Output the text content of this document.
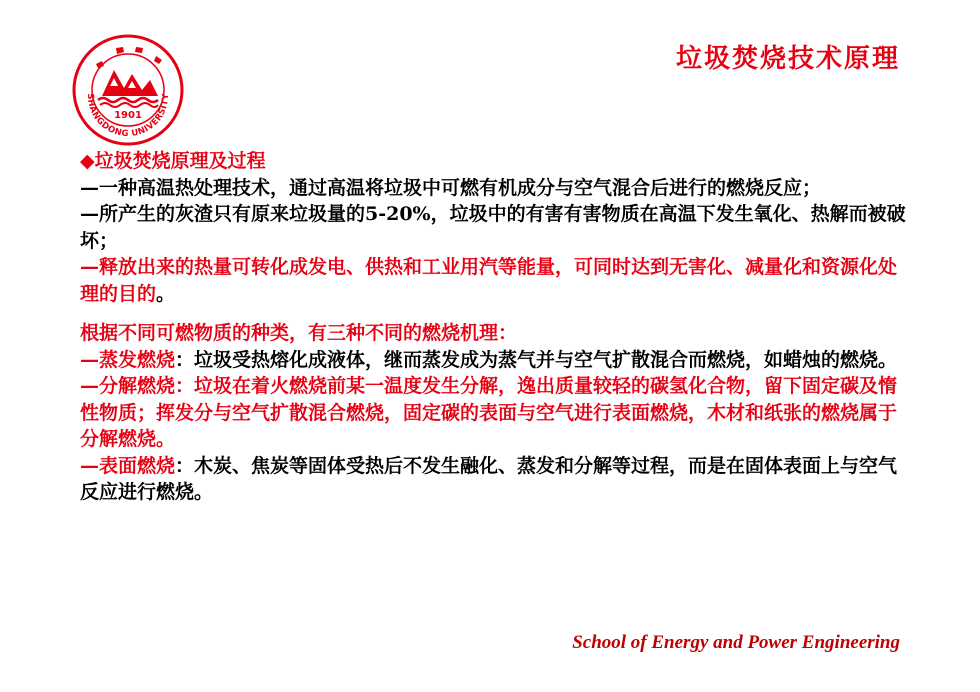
1901
SHANGDONG UNIVERSITY
垃圾焚烧技术原理

◆垃圾焚烧原理及过程

—一种高温热处理技术，通过高温将垃圾中可燃有机成分与空气混合后进行的燃烧反应；

—所产生的灰渣只有原来垃圾量的5-20%，垃圾中的有害有害物质在高温下发生氧化、热解而被破坏；

—释放出来的热量可转化成发电、供热和工业用汽等能量，可同时达到无害化、减量化和资源化处理的目的。

根据不同可燃物质的种类，有三种不同的燃烧机理：

—蒸发燃烧：垃圾受热熔化成液体，继而蒸发成为蒸气并与空气扩散混合而燃烧，如蜡烛的燃烧。

—分解燃烧：垃圾在着火燃烧前某一温度发生分解，逸出质量较轻的碳氢化合物，留下固定碳及惰性物质；挥发分与空气扩散混合燃烧，固定碳的表面与空气进行表面燃烧，木材和纸张的燃烧属于分解燃烧。

—表面燃烧：木炭、焦炭等固体受热后不发生融化、蒸发和分解等过程，而是在固体表面上与空气反应进行燃烧。

School of Energy and Power Engineering
